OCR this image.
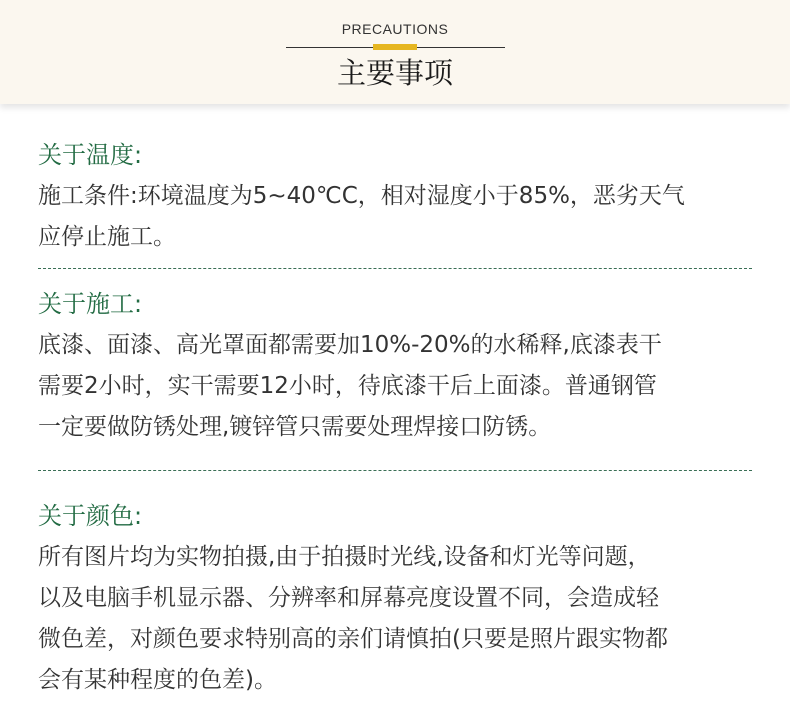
PRECAUTIONS
主要事项
关于温度:
施工条件:环境温度为5~40℃C，相对湿度小于85%，恶劣天气
应停止施工。
关于施工:
底漆、面漆、高光罩面都需要加10%-20%的水稀释,底漆表干
需要2小时，实干需要12小时，待底漆干后上面漆。普通钢管
一定要做防锈处理,镀锌管只需要处理焊接口防锈。
关于颜色:
所有图片均为实物拍摄,由于拍摄时光线,设备和灯光等问题，
以及电脑手机显示器、分辨率和屏幕亮度设置不同，会造成轻
微色差，对颜色要求特别高的亲们请慎拍(只要是照片跟实物都
会有某种程度的色差)。
